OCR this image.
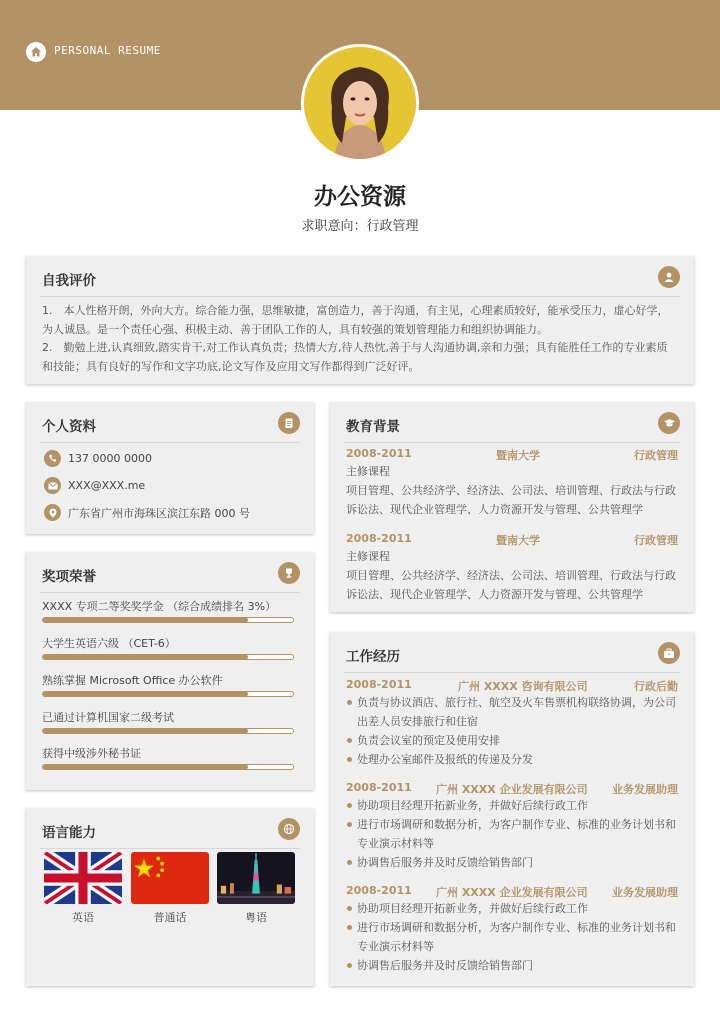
PERSONAL RESUME
办公资源
求职意向：行政管理
自我评价
1.　本人性格开朗，外向大方。综合能力强，思维敏捷，富创造力，善于沟通，有主见，心理素质较好，能承受压力，虚心好学，为人诚恳。是一个责任心强、积极主动、善于团队工作的人，具有较强的策划管理能力和组织协调能力。
2.　勤勉上进,认真细致,踏实肯干,对工作认真负责；热情大方,待人热忱,善于与人沟通协调,亲和力强；具有能胜任工作的专业素质和技能；具有良好的写作和文字功底,论文写作及应用文写作都得到广泛好评。
个人资料
137 0000 0000
XXX@XXX.me
广东省广州市海珠区滨江东路 000 号
奖项荣誉
XXXX 专项二等奖奖学金 （综合成绩排名 3%）
大学生英语六级 （CET-6）
熟练掌握 Microsoft Office 办公软件
已通过计算机国家二级考试
获得中级涉外秘书证
语言能力
英语	普通话	粤语
教育背景
2008-2011	暨南大学	行政管理
主修课程
项目管理、公共经济学、经济法、公司法、培训管理、行政法与行政诉讼法、现代企业管理学、人力资源开发与管理、公共管理学
2008-2011	暨南大学	行政管理
主修课程
项目管理、公共经济学、经济法、公司法、培训管理、行政法与行政诉讼法、现代企业管理学、人力资源开发与管理、公共管理学
工作经历
2008-2011	广州 XXXX 咨询有限公司	行政后勤
负责与协议酒店、旅行社、航空及火车售票机构联络协调，为公司出差人员安排旅行和住宿
负责会议室的预定及使用安排
处理办公室邮件及报纸的传递及分发
2008-2011 广州 XXXX 企业发展有限公司 业务发展助理
协助项目经理开拓新业务，并做好后续行政工作
进行市场调研和数据分析，为客户制作专业、标准的业务计划书和专业演示材料等
协调售后服务并及时反馈给销售部门
2008-2011 广州 XXXX 企业发展有限公司 业务发展助理
协助项目经理开拓新业务，并做好后续行政工作
进行市场调研和数据分析，为客户制作专业、标准的业务计划书和专业演示材料等
协调售后服务并及时反馈给销售部门
